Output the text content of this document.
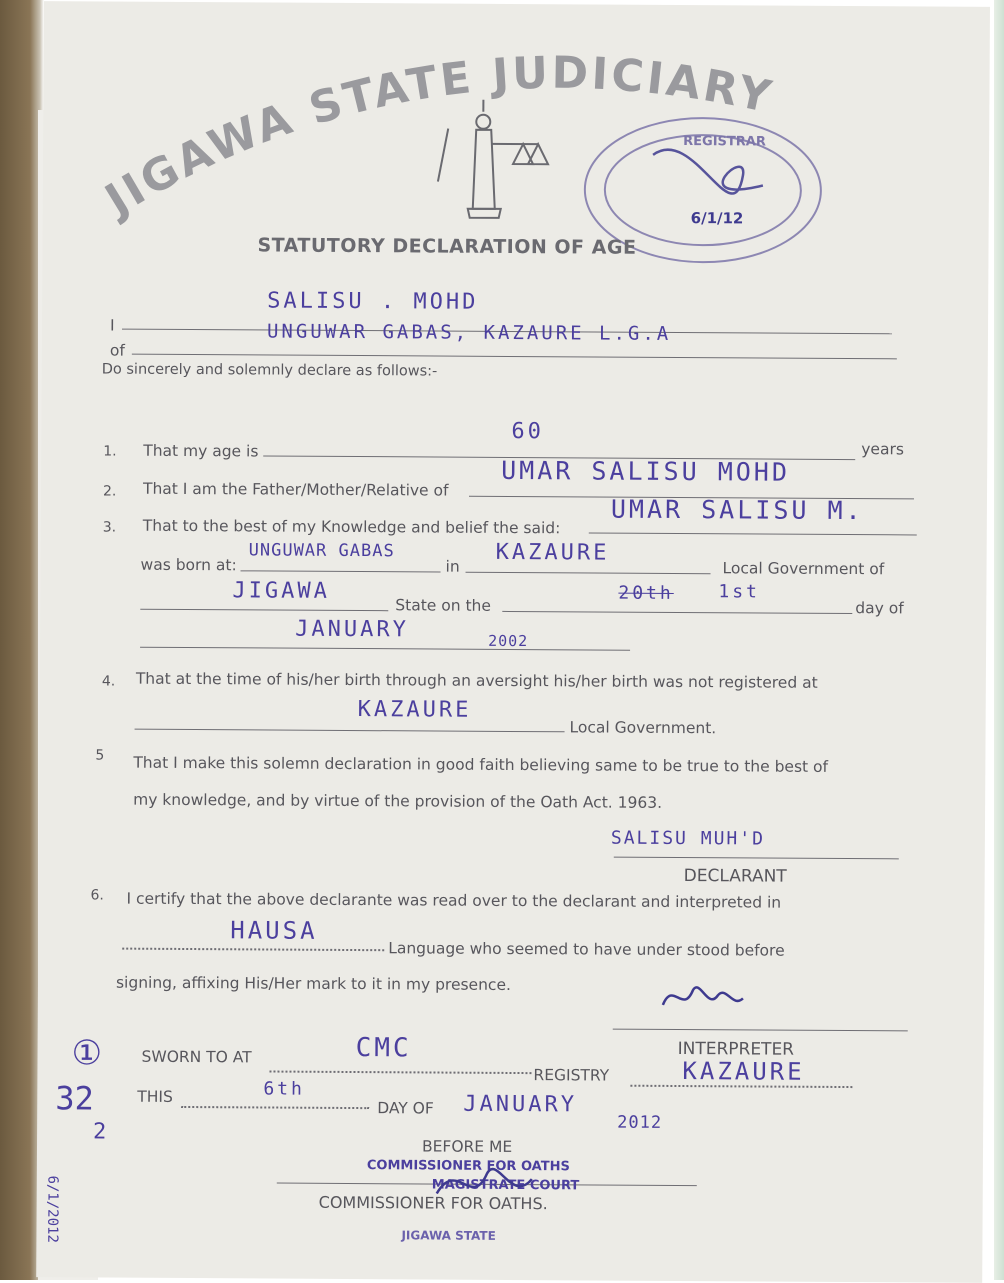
JIGAWA STATE JUDICIARY
REGISTRAR
6/1/12
STATUTORY DECLARATION OF AGE
I
SALISU . MOHD
of
UNGUWAR GABAS, KAZAURE L.G.A
Do sincerely and solemnly declare as follows:-
1. That my age is
60
years
2. That I am the Father/Mother/Relative of
UMAR SALISU MOHD
3. That to the best of my Knowledge and belief the said:
UMAR SALISU M.
was born at:
UNGUWAR GABAS
in
KAZAURE
Local Government of
JIGAWA
State on the
20th 1st
day of
JANUARY	2002
4. That at the time of his/her birth through an aversight his/her birth was not registered at
KAZAURE
Local Government.
5 That I make this solemn declaration in good faith believing same to be true to the best of
my knowledge, and by virtue of the provision of the Oath Act. 1963.
SALISU MUH'D
DECLARANT
6. I certify that the above declarante was read over to the declarant and interpreted in
HAUSA
Language who seemed to have under stood before
signing, affixing His/Her mark to it in my presence.
INTERPRETER
SWORN TO AT	CMC
REGISTRY	KAZAURE
THIS	6th
DAY OF JANUARY
2012
BEFORE ME
COMMISSIONER FOR OATHS
MAGISTRATE COURT
COMMISSIONER FOR OATHS.
JIGAWA STATE
①
32
2
6/1/2012
